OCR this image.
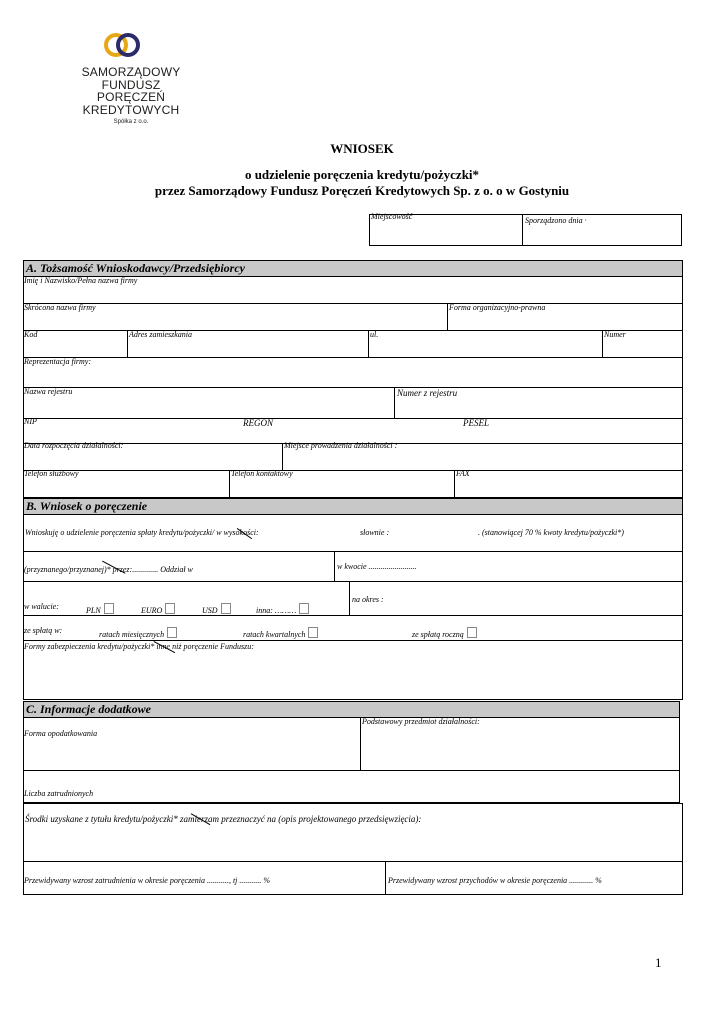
SAMORZĄDOWY
FUNDUSZ
PORĘCZEŃ
KREDYTOWYCH
Spółka z o.o.
WNIOSEK
o udzielenie poręczenia kredytu/pożyczki*
przez Samorządowy Fundusz Poręczeń Kredytowych Sp. z o. o w Gostyniu
Miejscowość	Sporządzono dnia ·
A. Tożsamość Wnioskodawcy/Przedsiębiorcy
Imię i Nazwisko/Pełna nazwa firmy
Skrócona nazwa firmy	Forma organizacyjno-prawna
Kod	Adres zamieszkania	ul.	Numer
Reprezentacja firmy:
Nazwa rejestru	Numer z rejestru
NIP	REGON	PESEL
Data rozpoczęcia działalności:	Miejsce prowadzenia działalności :
Telefon służbowy	Telefon kontaktowy	FAX
B. Wniosek o poręczenie
Wnioskuję o udzielenie poręczenia spłaty kredytu/pożyczki/ w wysokości:	słownie :	. (stanowiącej 70 % kwoty kredytu/pożyczki*)
(przyznanego/przyznanej)* przez:............. Oddział w	w kwocie ........................
w walucie:	PLN	EURO	USD	inna: ………
na okres :
ze spłatą w:	ratach miesięcznych	ratach kwartalnych	ze spłatą roczną
Formy zabezpieczenia kredytu/pożyczki* inne niż poręczenie Funduszu:
C. Informacje dodatkowe
Forma opodatkowania
Podstawowy przedmiot działalności:
Liczba zatrudnionych
Środki uzyskane z tytułu kredytu/pożyczki* zamierzam przeznaczyć na (opis projektowanego przedsięwzięcia):
Przewidywany wzrost zatrudnienia w okresie poręczenia ..........., tj ........... %	Przewidywany wzrost przychodów w okresie poręczenia ............ %
1
